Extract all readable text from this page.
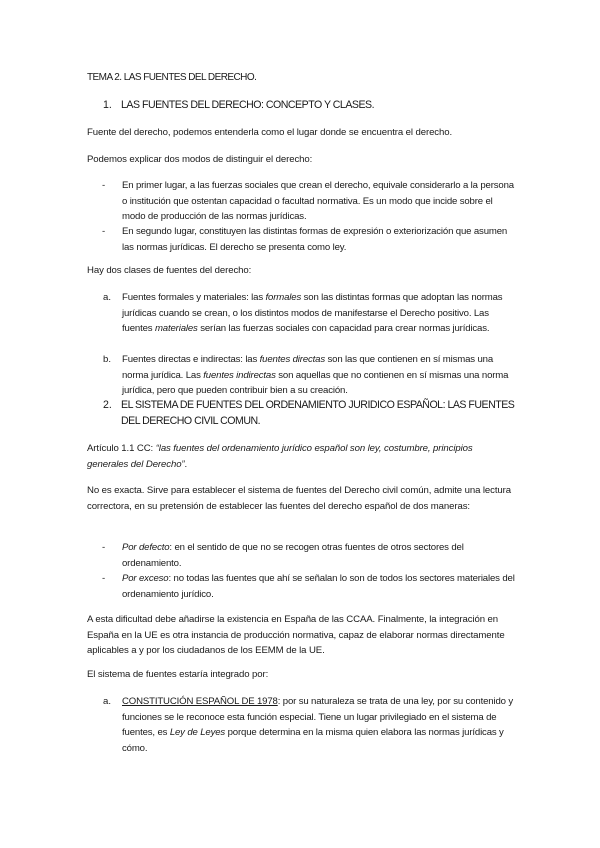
TEMA 2. LAS FUENTES DEL DERECHO.
1. LAS FUENTES DEL DERECHO: CONCEPTO Y CLASES.
Fuente del derecho, podemos entenderla como el lugar donde se encuentra el derecho.
Podemos explicar dos modos de distinguir el derecho:
- En primer lugar, a las fuerzas sociales que crean el derecho, equivale considerarlo a la persona o institución que ostentan capacidad o facultad normativa. Es un modo que incide sobre el modo de producción de las normas jurídicas.
- En segundo lugar, constituyen las distintas formas de expresión o exteriorización que asumen las normas jurídicas. El derecho se presenta como ley.
Hay dos clases de fuentes del derecho:
a. Fuentes formales y materiales: las formales son las distintas formas que adoptan las normas jurídicas cuando se crean, o los distintos modos de manifestarse el Derecho positivo. Las fuentes materiales serían las fuerzas sociales con capacidad para crear normas jurídicas.
b. Fuentes directas e indirectas: las fuentes directas son las que contienen en sí mismas una norma jurídica. Las fuentes indirectas son aquellas que no contienen en sí mismas una norma jurídica, pero que pueden contribuir bien a su creación.
2. EL SISTEMA DE FUENTES DEL ORDENAMIENTO JURIDICO ESPAÑOL: LAS FUENTES DEL DERECHO CIVIL COMUN.
Artículo 1.1 CC: “las fuentes del ordenamiento jurídico español son ley, costumbre, principios generales del Derecho”.
No es exacta. Sirve para establecer el sistema de fuentes del Derecho civil común, admite una lectura correctora, en su pretensión de establecer las fuentes del derecho español de dos maneras:
- Por defecto: en el sentido de que no se recogen otras fuentes de otros sectores del ordenamiento.
- Por exceso: no todas las fuentes que ahí se señalan lo son de todos los sectores materiales del ordenamiento jurídico.
A esta dificultad debe añadirse la existencia en España de las CCAA. Finalmente, la integración en España en la UE es otra instancia de producción normativa, capaz de elaborar normas directamente aplicables a y por los ciudadanos de los EEMM de la UE.
El sistema de fuentes estaría integrado por:
a. CONSTITUCIÓN ESPAÑOL DE 1978: por su naturaleza se trata de una ley, por su contenido y funciones se le reconoce esta función especial. Tiene un lugar privilegiado en el sistema de fuentes, es Ley de Leyes porque determina en la misma quien elabora las normas jurídicas y cómo.
